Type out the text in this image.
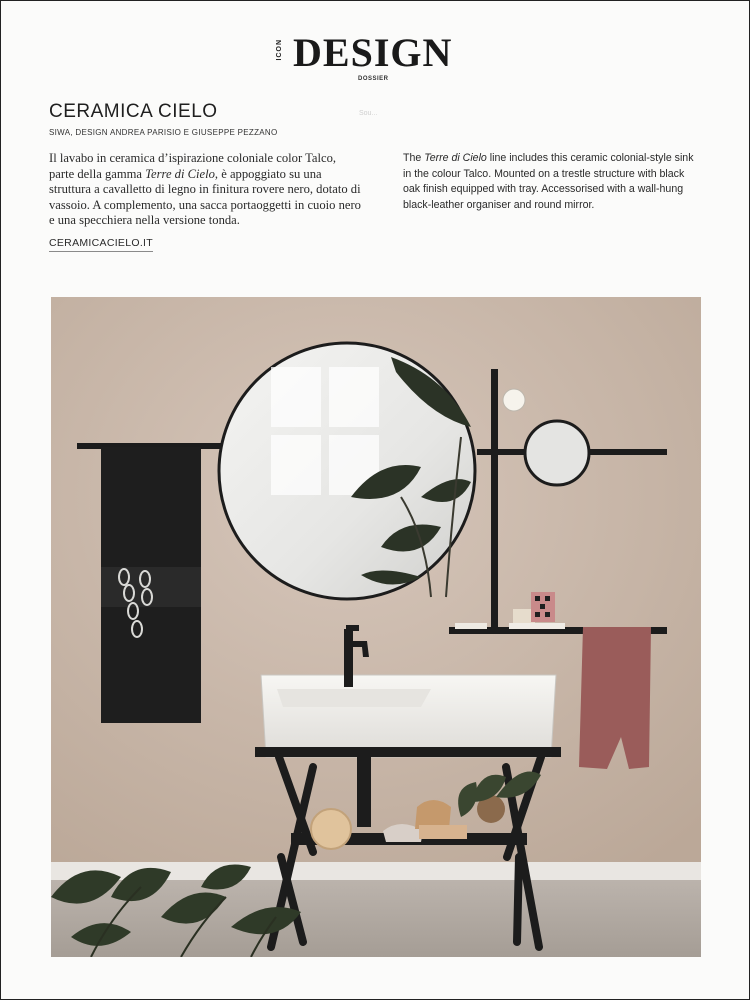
ICON DESIGN
DOSSIER
CERAMICA CIELO
SIWA, DESIGN ANDREA PARISIO E GIUSEPPE PEZZANO
Sou...
Il lavabo in ceramica d’ispirazione coloniale color Talco, parte della gamma Terre di Cielo, è appoggiato su una struttura a cavalletto di legno in finitura rovere nero, dotato di vassoio. A complemento, una sacca portaoggetti in cuoio nero e una specchiera nella versione tonda.
The Terre di Cielo line includes this ceramic colonial-style sink in the colour Talco. Mounted on a trestle structure with black oak finish equipped with tray. Accessorised with a wall-hung black-leather organiser and round mirror.
CERAMICACIELO.IT
